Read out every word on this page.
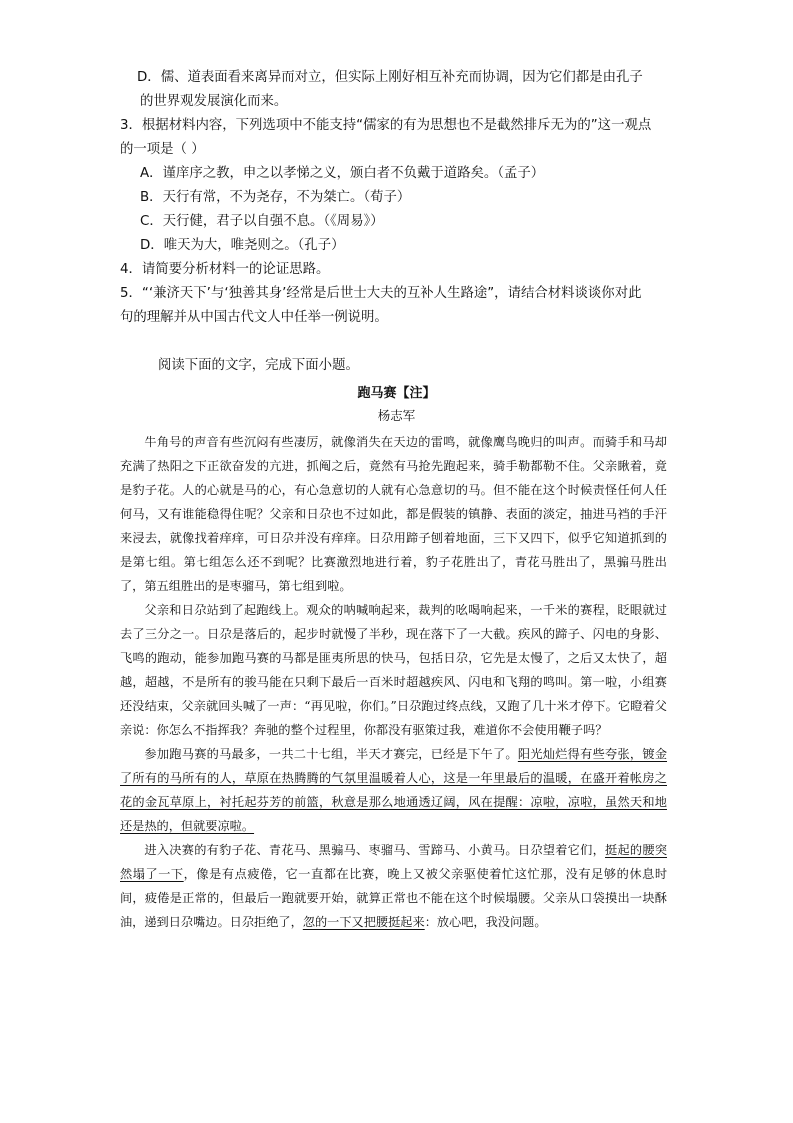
D．儒、道表面看来离异而对立，但实际上刚好相互补充而协调，因为它们都是由孔子
的世界观发展演化而来。
3．根据材料内容，下列选项中不能支持“儒家的有为思想也不是截然排斥无为的”这一观点
的一项是（ ）
A．谨庠序之教，申之以孝悌之义，颁白者不负戴于道路矣。（孟子）
B．天行有常，不为尧存，不为桀亡。（荀子）
C．天行健，君子以自强不息。（《周易》）
D．唯天为大，唯尧则之。（孔子）
4．请简要分析材料一的论证思路。
5．“‘兼济天下’与‘独善其身’经常是后世士大夫的互补人生路途”，请结合材料谈谈你对此
句的理解并从中国古代文人中任举一例说明。
阅读下面的文字，完成下面小题。
跑马赛【注】
杨志军

牛角号的声音有些沉闷有些凄厉，就像消失在天边的雷鸣，就像鹰鸟晚归的叫声。而骑手和马却充满了热阳之下正欲奋发的亢进，抓阄之后，竟然有马抢先跑起来，骑手勒都勒不住。父亲瞅着，竟是豹子花。人的心就是马的心，有心急意切的人就有心急意切的马。但不能在这个时候责怪任何人任何马，又有谁能稳得住呢？父亲和日尕也不过如此，都是假装的镇静、表面的淡定，抽进马裆的手汗来浸去，就像找着痒痒，可日尕并没有痒痒。日尕用蹄子刨着地面，三下又四下，似乎它知道抓到的是第七组。第七组怎么还不到呢？比赛激烈地进行着，豹子花胜出了，青花马胜出了，黑骟马胜出了，第五组胜出的是枣骝马，第七组到啦。

父亲和日尕站到了起跑线上。观众的呐喊响起来，裁判的吆喝响起来，一千米的赛程，眨眼就过去了三分之一。日尕是落后的，起步时就慢了半秒，现在落下了一大截。疾风的蹄子、闪电的身影、飞鸣的跑动，能参加跑马赛的马都是匪夷所思的快马，包括日尕，它先是太慢了，之后又太快了，超越，超越，不是所有的骏马能在只剩下最后一百米时超越疾风、闪电和飞翔的鸣叫。第一啦，小组赛还没结束，父亲就回头喊了一声：“再见啦，你们。”日尕跑过终点线，又跑了几十米才停下。它瞪着父亲说：你怎么不指挥我？奔驰的整个过程里，你都没有驱策过我，难道你不会使用鞭子吗？

参加跑马赛的马最多，一共二十七组，半天才赛完，已经是下午了。阳光灿烂得有些夸张，镀金了所有的马所有的人，草原在热腾腾的气氛里温暖着人心，这是一年里最后的温暖，在盛开着帐房之花的金瓦草原上，衬托起芬芳的前篮，秋意是那么地通透辽阔，风在提醒：凉啦，凉啦，虽然天和地还是热的，但就要凉啦。

进入决赛的有豹子花、青花马、黑骟马、枣骝马、雪蹄马、小黄马。日尕望着它们，挺起的腰突然塌了一下，像是有点疲倦，它一直都在比赛，晚上又被父亲驱使着忙这忙那，没有足够的休息时间，疲倦是正常的，但最后一跑就要开始，就算正常也不能在这个时候塌腰。父亲从口袋摸出一块酥油，递到日尕嘴边。日尕拒绝了，忽的一下又把腰挺起来：放心吧，我没问题。
